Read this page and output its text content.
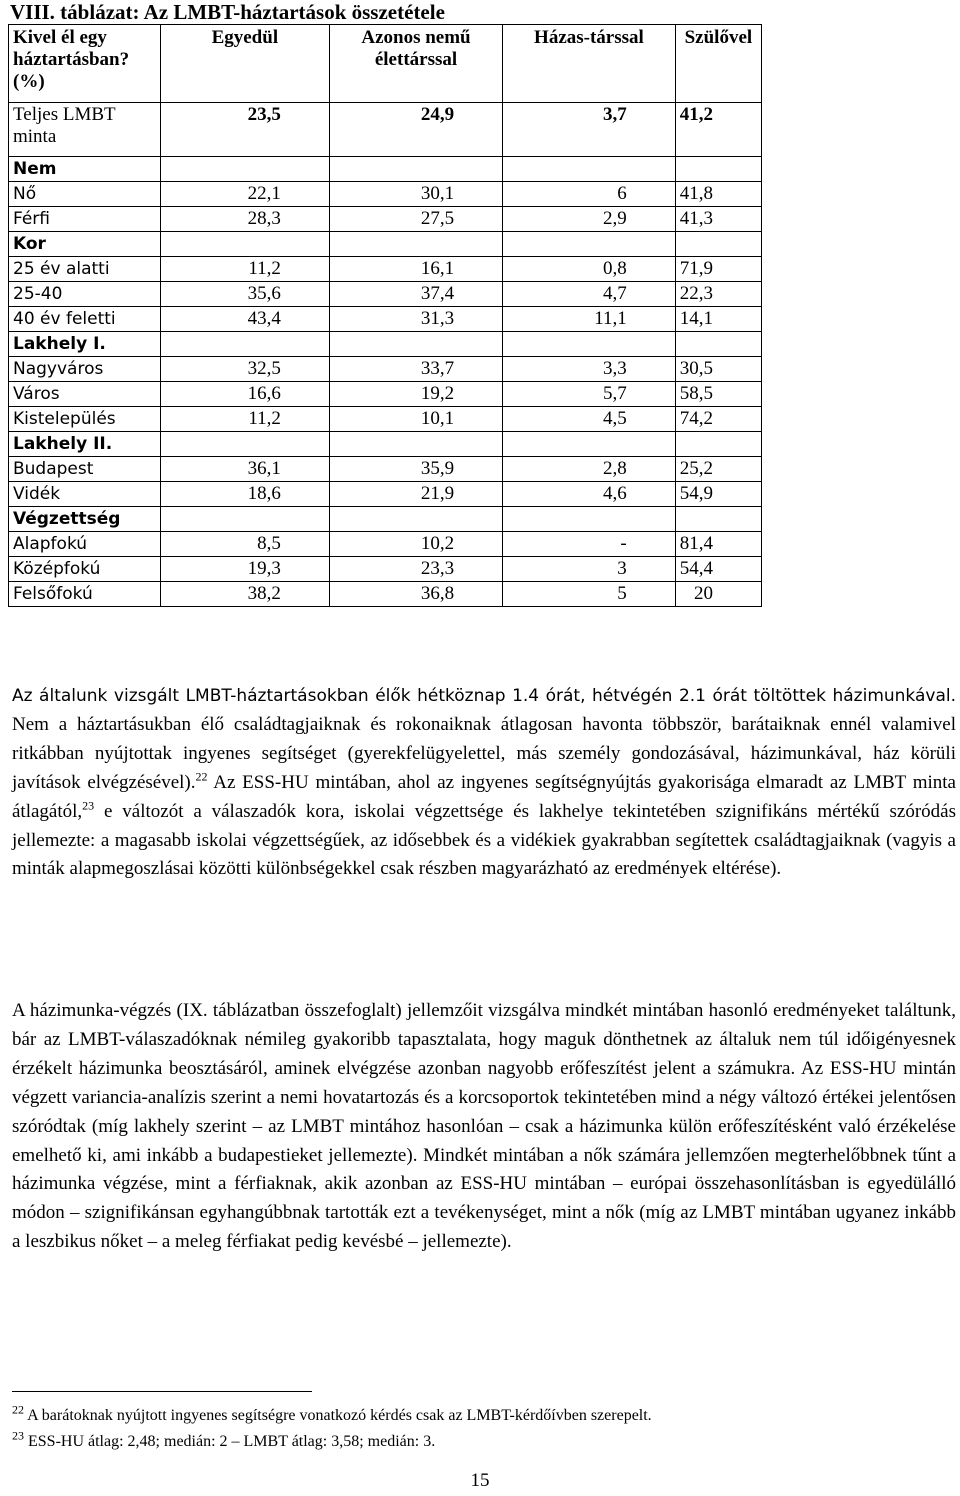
VIII. táblázat: Az LMBT-háztartások összetétele
Kivel él egy háztartásban? (%)	Egyedül	Azonos nemű élettárssal	Házas-társsal	Szülővel
Teljes LMBT minta	23,5	24,9	3,7	41,2
Nem				
Nő	22,1	30,1	6	41,8
Férfi	28,3	27,5	2,9	41,3
Kor				
25 év alatti	11,2	16,1	0,8	71,9
25-40	35,6	37,4	4,7	22,3
40 év feletti	43,4	31,3	11,1	14,1
Lakhely I.				
Nagyváros	32,5	33,7	3,3	30,5
Város	16,6	19,2	5,7	58,5
Kistelepülés	11,2	10,1	4,5	74,2
Lakhely II.				
Budapest	36,1	35,9	2,8	25,2
Vidék	18,6	21,9	4,6	54,9
Végzettség				
Alapfokú	8,5	10,2	-	81,4
Középfokú	19,3	23,3	3	54,4
Felsőfokú	38,2	36,8	5	20
Az általunk vizsgált LMBT-háztartásokban élők hétköznap 1.4 órát, hétvégén 2.1 órát töltöttek házimunkával. Nem a háztartásukban élő családtagjaiknak és rokonaiknak átlagosan havonta többször, barátaiknak ennél valamivel ritkábban nyújtottak ingyenes segítséget (gyerekfelügyelettel, más személy gondozásával, házimunkával, ház körüli javítások elvégzésével).$^{22}$ Az ESS-HU mintában, ahol az ingyenes segítségnyújtás gyakorisága elmaradt az LMBT minta átlagától,$^{23}$ e változót a válaszadók kora, iskolai végzettsége és lakhelye tekintetében szignifikáns mértékű szóródás jellemezte: a magasabb iskolai végzettségűek, az idősebbek és a vidékiek gyakrabban segítettek családtagjaiknak (vagyis a minták alapmegoszlásai közötti különbségekkel csak részben magyarázható az eredmények eltérése).
A házimunka-végzés (IX. táblázatban összefoglalt) jellemzőit vizsgálva mindkét mintában hasonló eredményeket találtunk, bár az LMBT-válaszadóknak némileg gyakoribb tapasztalata, hogy maguk dönthetnek az általuk nem túl időigényesnek érzékelt házimunka beosztásáról, aminek elvégzése azonban nagyobb erőfeszítést jelent a számukra. Az ESS-HU mintán végzett variancia-analízis szerint a nemi hovatartozás és a korcsoportok tekintetében mind a négy változó értékei jelentősen szóródtak (míg lakhely szerint – az LMBT mintához hasonlóan – csak a házimunka külön erőfeszítésként való érzékelése emelhető ki, ami inkább a budapestieket jellemezte). Mindkét mintában a nők számára jellemzően megterhelőbbnek tűnt a házimunka végzése, mint a férfiaknak, akik azonban az ESS-HU mintában – európai összehasonlításban is egyedülálló módon – szignifikánsan egyhangúbbnak tartották ezt a tevékenységet, mint a nők (míg az LMBT mintában ugyanez inkább a leszbikus nőket – a meleg férfiakat pedig kevésbé – jellemezte).
$^{22}$ A barátoknak nyújtott ingyenes segítségre vonatkozó kérdés csak az LMBT-kérdőívben szerepelt.
$^{23}$ ESS-HU átlag: 2,48; medián: 2 – LMBT átlag: 3,58; medián: 3.
15
